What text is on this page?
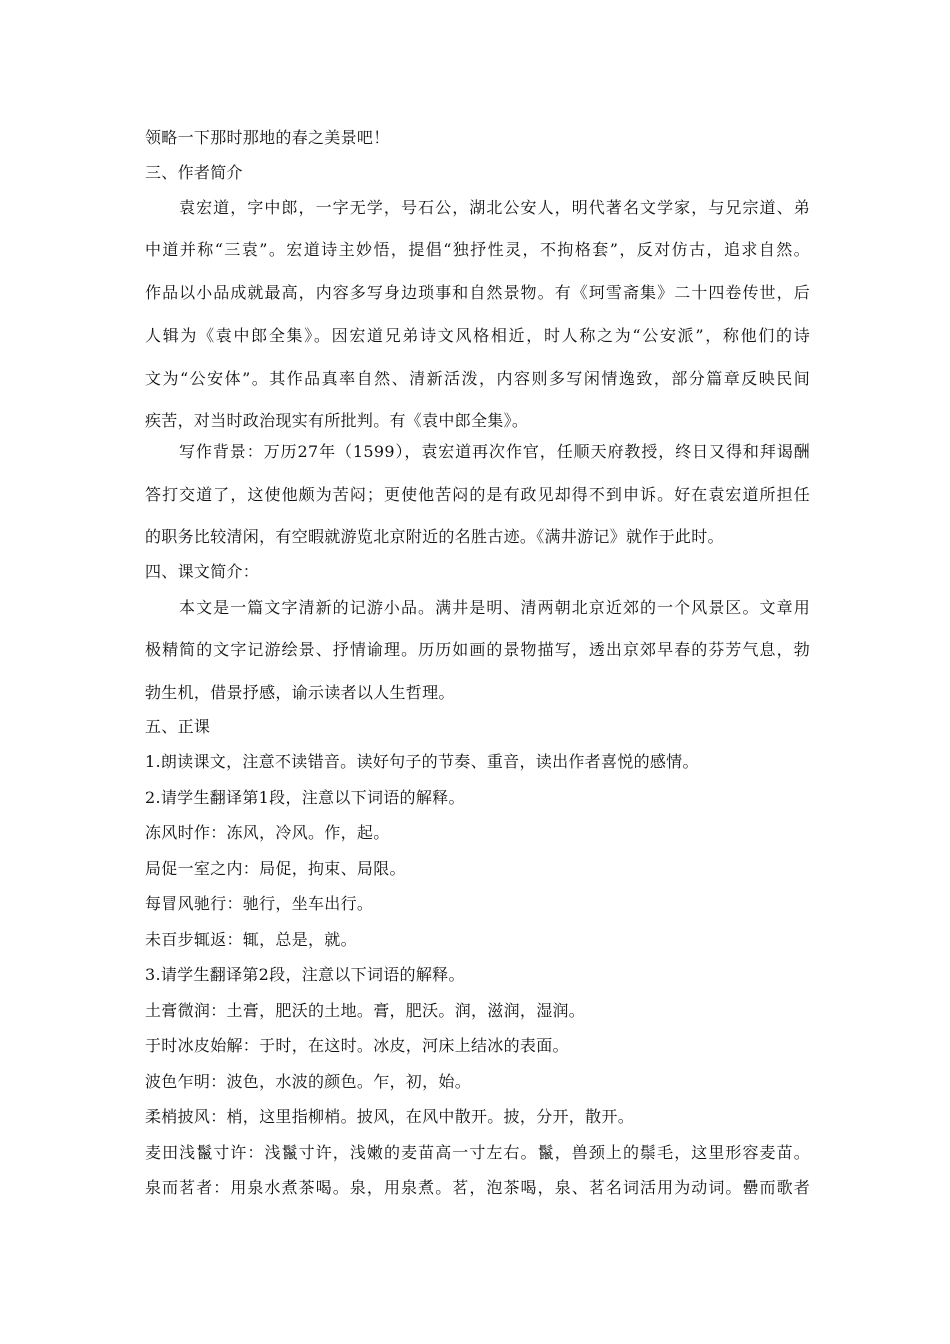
领略一下那时那地的春之美景吧！
三、作者简介
袁宏道，字中郎，一字无学，号石公，湖北公安人，明代著名文学家，与兄宗道、弟
中道并称“三袁”。宏道诗主妙悟，提倡“独抒性灵，不拘格套”，反对仿古，追求自然。
作品以小品成就最高，内容多写身边琐事和自然景物。有《珂雪斋集》二十四卷传世，后
人辑为《袁中郎全集》。因宏道兄弟诗文风格相近，时人称之为“公安派”，称他们的诗
文为“公安体”。其作品真率自然、清新活泼，内容则多写闲情逸致，部分篇章反映民间
疾苦，对当时政治现实有所批判。有《袁中郎全集》。
写作背景：万历27年（1599），袁宏道再次作官，任顺天府教授，终日又得和拜谒酬
答打交道了，这使他颇为苦闷；更使他苦闷的是有政见却得不到申诉。好在袁宏道所担任
的职务比较清闲，有空暇就游览北京附近的名胜古迹。《满井游记》就作于此时。
四、课文简介：
本文是一篇文字清新的记游小品。满井是明、清两朝北京近郊的一个风景区。文章用
极精简的文字记游绘景、抒情谕理。历历如画的景物描写，透出京郊早春的芬芳气息，勃
勃生机，借景抒感，谕示读者以人生哲理。
五、正课
1.朗读课文，注意不读错音。读好句子的节奏、重音，读出作者喜悦的感情。
2.请学生翻译第1段，注意以下词语的解释。
冻风时作：冻风，冷风。作，起。
局促一室之内：局促，拘束、局限。
每冒风驰行：驰行，坐车出行。
未百步辄返：辄，总是，就。
3.请学生翻译第2段，注意以下词语的解释。
土膏微润：土膏，肥沃的土地。膏，肥沃。润，滋润，湿润。
于时冰皮始解：于时，在这时。冰皮，河床上结冰的表面。
波色乍明：波色，水波的颜色。乍，初，始。
柔梢披风：梢，这里指柳梢。披风，在风中散开。披，分开，散开。
麦田浅鬣寸许：浅鬣寸许，浅嫩的麦苗高一寸左右。鬣，兽颈上的鬃毛，这里形容麦苗。
泉而茗者：用泉水煮茶喝。泉，用泉煮。茗，泡茶喝，泉、茗名词活用为动词。罍而歌者
